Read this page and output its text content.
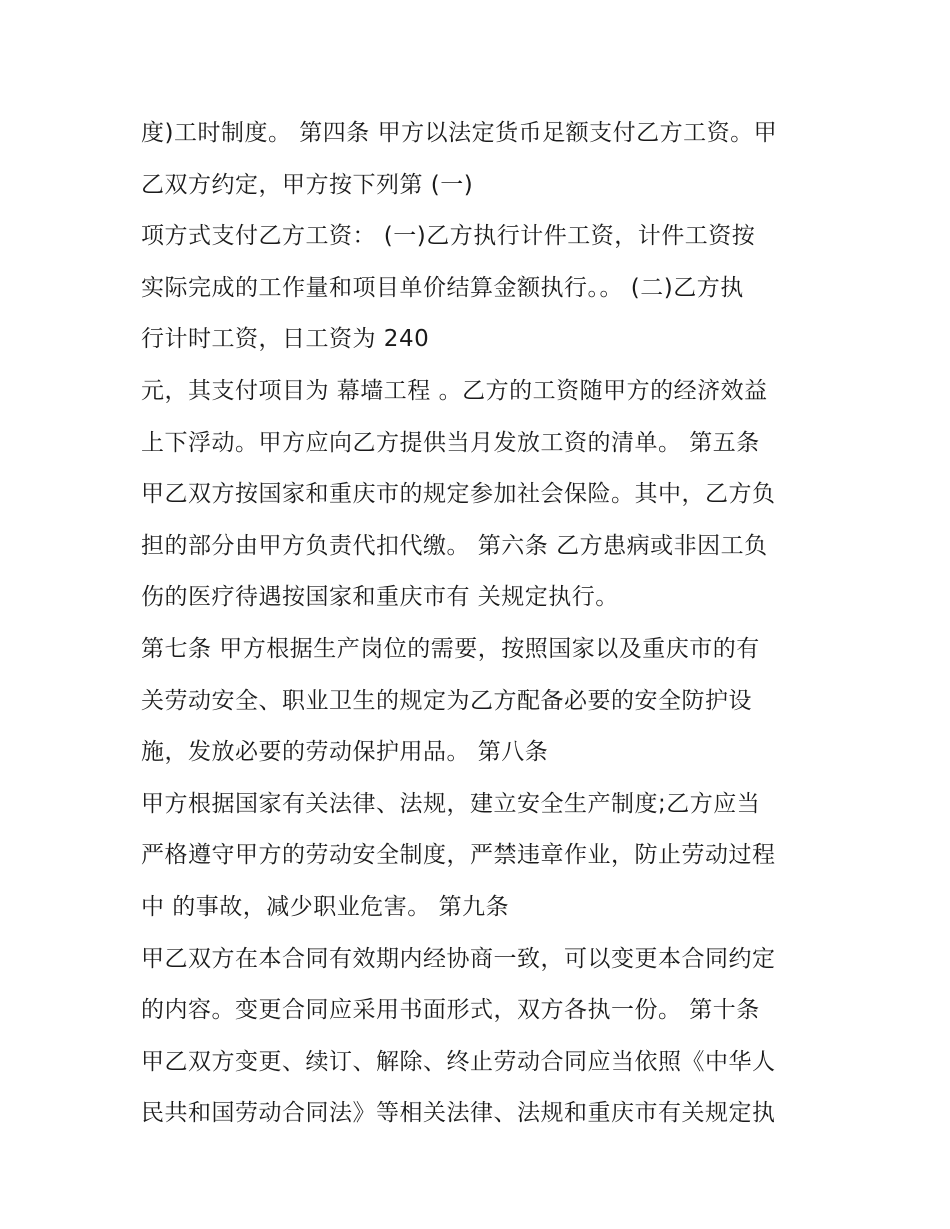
度)工时制度。 第四条 甲方以法定货币足额支付乙方工资。甲
乙双方约定，甲方按下列第 (一)
项方式支付乙方工资： (一)乙方执行计件工资，计件工资按
实际完成的工作量和项目单价结算金额执行。。 (二)乙方执
行计时工资，日工资为 240
元，其支付项目为 幕墙工程 。乙方的工资随甲方的经济效益
上下浮动。甲方应向乙方提供当月发放工资的清单。 第五条
甲乙双方按国家和重庆市的规定参加社会保险。其中，乙方负
担的部分由甲方负责代扣代缴。 第六条 乙方患病或非因工负
伤的医疗待遇按国家和重庆市有 关规定执行。
第七条 甲方根据生产岗位的需要，按照国家以及重庆市的有
关劳动安全、职业卫生的规定为乙方配备必要的安全防护设
施，发放必要的劳动保护用品。 第八条
甲方根据国家有关法律、法规，建立安全生产制度;乙方应当
严格遵守甲方的劳动安全制度，严禁违章作业，防止劳动过程
中 的事故，减少职业危害。 第九条
甲乙双方在本合同有效期内经协商一致，可以变更本合同约定
的内容。变更合同应采用书面形式，双方各执一份。 第十条
甲乙双方变更、续订、解除、终止劳动合同应当依照《中华人
民共和国劳动合同法》等相关法律、法规和重庆市有关规定执
